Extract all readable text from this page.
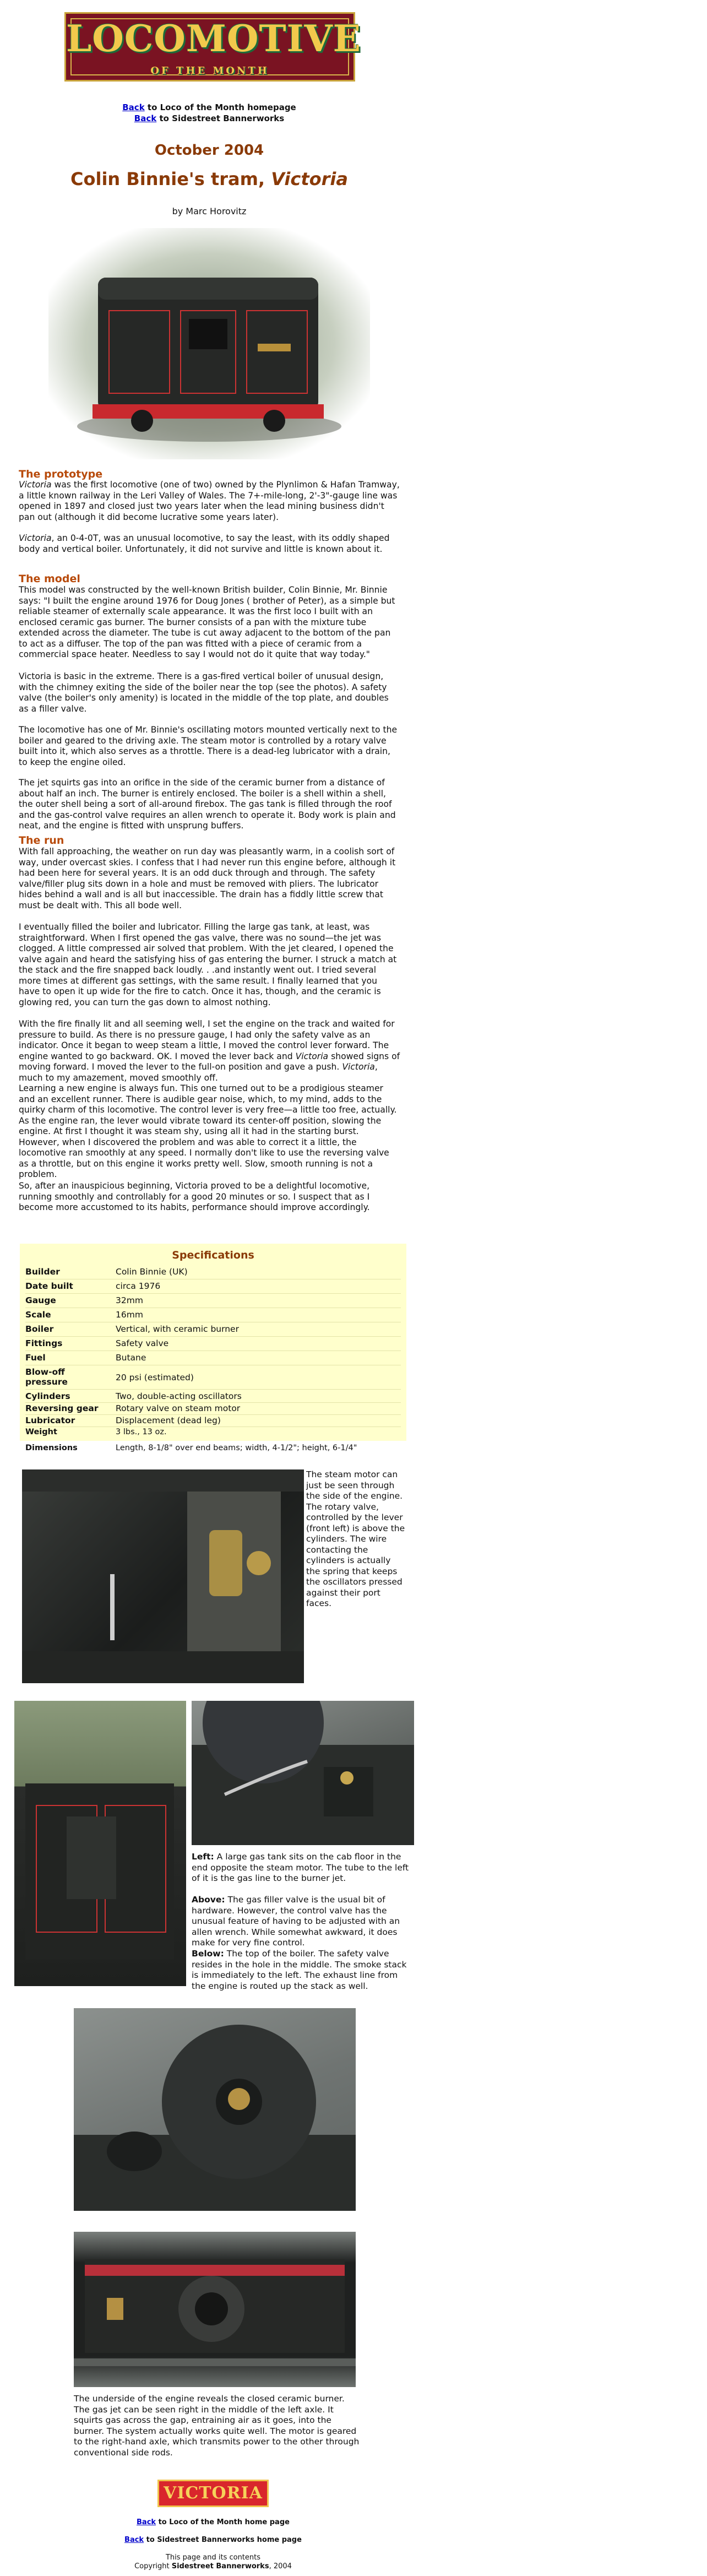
LOCOMOTIVE
OF THE MONTH
Back to Loco of the Month homepage
Back to Sidestreet Bannerworks
October 2004
Colin Binnie's tram, Victoria
by Marc Horovitz
The prototype
Victoria was the first locomotive (one of two) owned by the Plynlimon & Hafan Tramway, a little known railway in the Leri Valley of Wales. The 7+-mile-long, 2'-3"-gauge line was opened in 1897 and closed just two years later when the lead mining business didn't pan out (although it did become lucrative some years later).
Victoria, an 0-4-0T, was an unusual locomotive, to say the least, with its oddly shaped body and vertical boiler. Unfortunately, it did not survive and little is known about it.
The model
This model was constructed by the well-known British builder, Colin Binnie, Mr. Binnie says: "I built the engine around 1976 for Doug Jones ( brother of Peter), as a simple but reliable steamer of externally scale appearance. It was the first loco I built with an enclosed ceramic gas burner. The burner consists of a pan with the mixture tube extended across the diameter. The tube is cut away adjacent to the bottom of the pan to act as a diffuser. The top of the pan was fitted with a piece of ceramic from a commercial space heater. Needless to say I would not do it quite that way today."
Victoria is basic in the extreme. There is a gas-fired vertical boiler of unusual design, with the chimney exiting the side of the boiler near the top (see the photos). A safety valve (the boiler's only amenity) is located in the middle of the top plate, and doubles as a filler valve.
The locomotive has one of Mr. Binnie's oscillating motors mounted vertically next to the boiler and geared to the driving axle. The steam motor is controlled by a rotary valve built into it, which also serves as a throttle. There is a dead-leg lubricator with a drain, to keep the engine oiled.
The jet squirts gas into an orifice in the side of the ceramic burner from a distance of about half an inch. The burner is entirely enclosed. The boiler is a shell within a shell, the outer shell being a sort of all-around firebox. The gas tank is filled through the roof and the gas-control valve requires an allen wrench to operate it. Body work is plain and neat, and the engine is fitted with unsprung buffers.
The run
With fall approaching, the weather on run day was pleasantly warm, in a coolish sort of way, under overcast skies. I confess that I had never run this engine before, although it had been here for several years. It is an odd duck through and through. The safety valve/filler plug sits down in a hole and must be removed with pliers. The lubricator hides behind a wall and is all but inaccessible. The drain has a fiddly little screw that must be dealt with. This all bode well.
I eventually filled the boiler and lubricator. Filling the large gas tank, at least, was straightforward. When I first opened the gas valve, there was no sound—the jet was clogged. A little compressed air solved that problem. With the jet cleared, I opened the valve again and heard the satisfying hiss of gas entering the burner. I struck a match at the stack and the fire snapped back loudly. . .and instantly went out. I tried several more times at different gas settings, with the same result. I finally learned that you have to open it up wide for the fire to catch. Once it has, though, and the ceramic is glowing red, you can turn the gas down to almost nothing.
With the fire finally lit and all seeming well, I set the engine on the track and waited for pressure to build. As there is no pressure gauge, I had only the safety valve as an indicator. Once it began to weep steam a little, I moved the control lever forward. The engine wanted to go backward. OK. I moved the lever back and Victoria showed signs of moving forward. I moved the lever to the full-on position and gave a push. Victoria, much to my amazement, moved smoothly off.
Learning a new engine is always fun. This one turned out to be a prodigious steamer and an excellent runner. There is audible gear noise, which, to my mind, adds to the quirky charm of this locomotive. The control lever is very free—a little too free, actually. As the engine ran, the lever would vibrate toward its center-off position, slowing the engine. At first I thought it was steam shy, using all it had in the starting burst. However, when I discovered the problem and was able to correct it a little, the locomotive ran smoothly at any speed. I normally don't like to use the reversing valve as a throttle, but on this engine it works pretty well. Slow, smooth running is not a problem.
So, after an inauspicious beginning, Victoria proved to be a delightful locomotive, running smoothly and controllably for a good 20 minutes or so. I suspect that as I become more accustomed to its habits, performance should improve accordingly.
Specifications
Builder	Colin Binnie (UK)
Date built	circa 1976
Gauge	32mm
Scale	16mm
Boiler	Vertical, with ceramic burner
Fittings	Safety valve
Fuel	Butane
Blow-off pressure	20 psi (estimated)
Cylinders	Two, double-acting oscillators
Reversing gear	Rotary valve on steam motor
Lubricator	Displacement (dead leg)
Weight	3 lbs., 13 oz.
Dimensions	Length, 8-1/8" over end beams; width, 4-1/2"; height, 6-1/4"
The steam motor can just be seen through the side of the engine. The rotary valve, controlled by the lever (front left) is above the cylinders. The wire contacting the cylinders is actually the spring that keeps the oscillators pressed against their port faces.
Left: A large gas tank sits on the cab floor in the end opposite the steam motor. The tube to the left of it is the gas line to the burner jet.
Above: The gas filler valve is the usual bit of hardware. However, the control valve has the unusual feature of having to be adjusted with an allen wrench. While somewhat awkward, it does make for very fine control.
Below: The top of the boiler. The safety valve resides in the hole in the middle. The smoke stack is immediately to the left. The exhaust line from the engine is routed up the stack as well.
The underside of the engine reveals the closed ceramic burner. The gas jet can be seen right in the middle of the left axle. It squirts gas across the gap, entraining air as it goes, into the burner. The system actually works quite well. The motor is geared to the right-hand axle, which transmits power to the other through conventional side rods.
VICTORIA
Back to Loco of the Month home page
Back to Sidestreet Bannerworks home page
This page and its contents
Copyright Sidestreet Bannerworks, 2004
